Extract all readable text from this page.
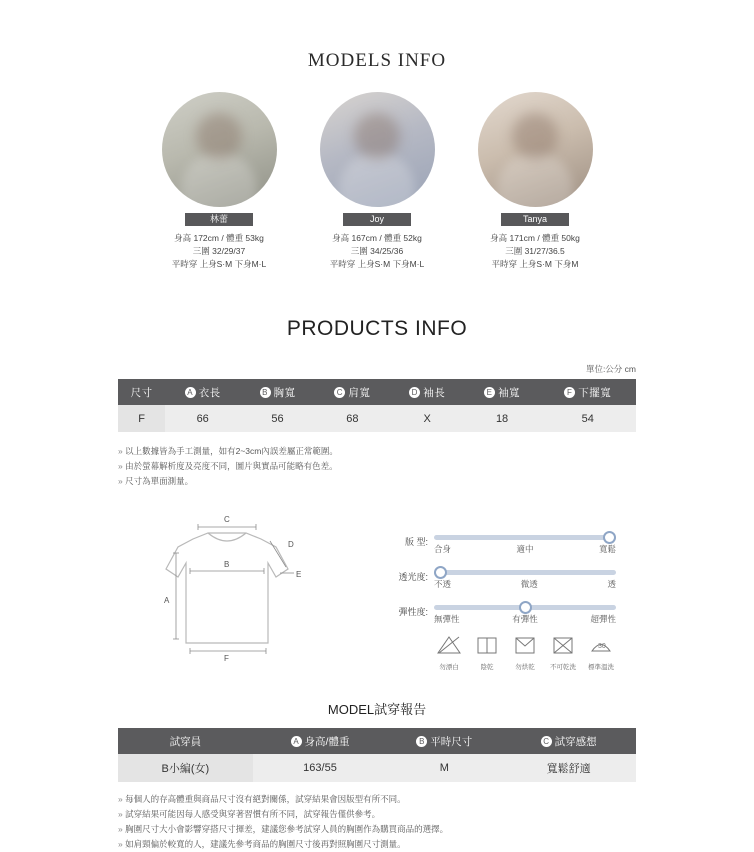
MODELS INFO
林蕾
身高 172cm / 體重 53kg
三圍 32/29/37
平時穿 上身S·M 下身M·L
Joy
身高 167cm / 體重 52kg
三圍 34/25/36
平時穿 上身S·M 下身M·L
Tanya
身高 171cm / 體重 50kg
三圍 31/27/36.5
平時穿 上身S·M 下身M
PRODUCTS INFO
單位:公分 cm
尺寸	A 衣長	B 胸寬	C 肩寬	D 袖長	E 袖寬	F 下擺寬
F	66	56	68	X	18	54
» 以上數據皆為手工測量，如有2~3cm內誤差屬正常範圍。
» 由於螢幕解析度及亮度不同，圖片與實品可能略有色差。
» 尺寸為單面測量。
C
A
B
D
E
F
版 型:
合身	適中	寬鬆
透光度:
不透	微透	透
彈性度:
無彈性	有彈性	超彈性
勿漂白	陰乾	勿烘乾	不可乾洗
30
標準溫洗
MODEL試穿報告
試穿員	A 身高/體重	B 平時尺寸	C 試穿感想
B小編(女)	163/55	M	寬鬆舒適
» 每個人的存高體重與商品尺寸沒有絕對關係，試穿結果會因版型有所不同。
» 試穿結果可能因每人感受與穿著習慣有所不同，試穿報告僅供參考。
» 胸圍尺寸大小會影響穿搭尺寸揮差，建議您參考試穿人員的胸圍作為購買商品的選擇。
» 如肩頸偏於較寬的人，建議先參考商品的胸圍尺寸後再對照胸圍尺寸測量。
